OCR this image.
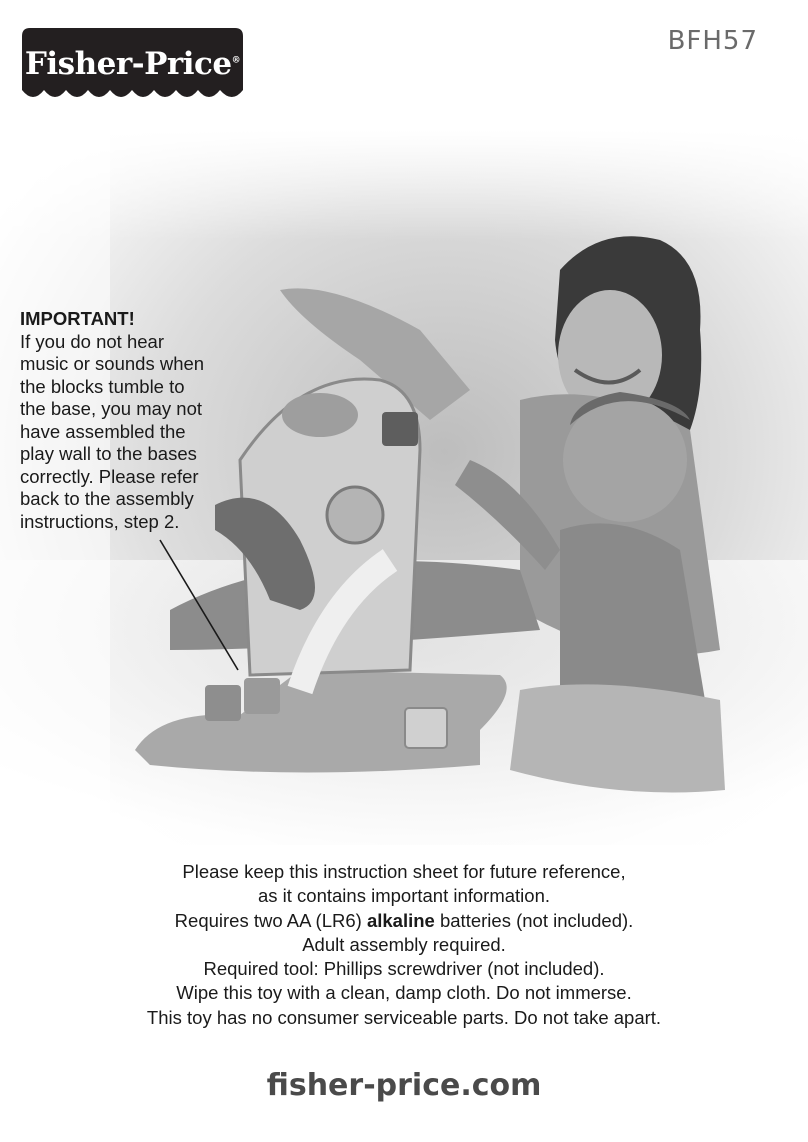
Fisher-Price®
BFH57
IMPORTANT!
If you do not hear music or sounds when the blocks tumble to the base, you may not have assembled the play wall to the bases correctly. Please refer back to the assembly instructions, step 2.
Please keep this instruction sheet for future reference,
as it contains important information.
Requires two AA (LR6) alkaline batteries (not included).
Adult assembly required.
Required tool: Phillips screwdriver (not included).
Wipe this toy with a clean, damp cloth. Do not immerse.
This toy has no consumer serviceable parts. Do not take apart.
fisher-price.com
